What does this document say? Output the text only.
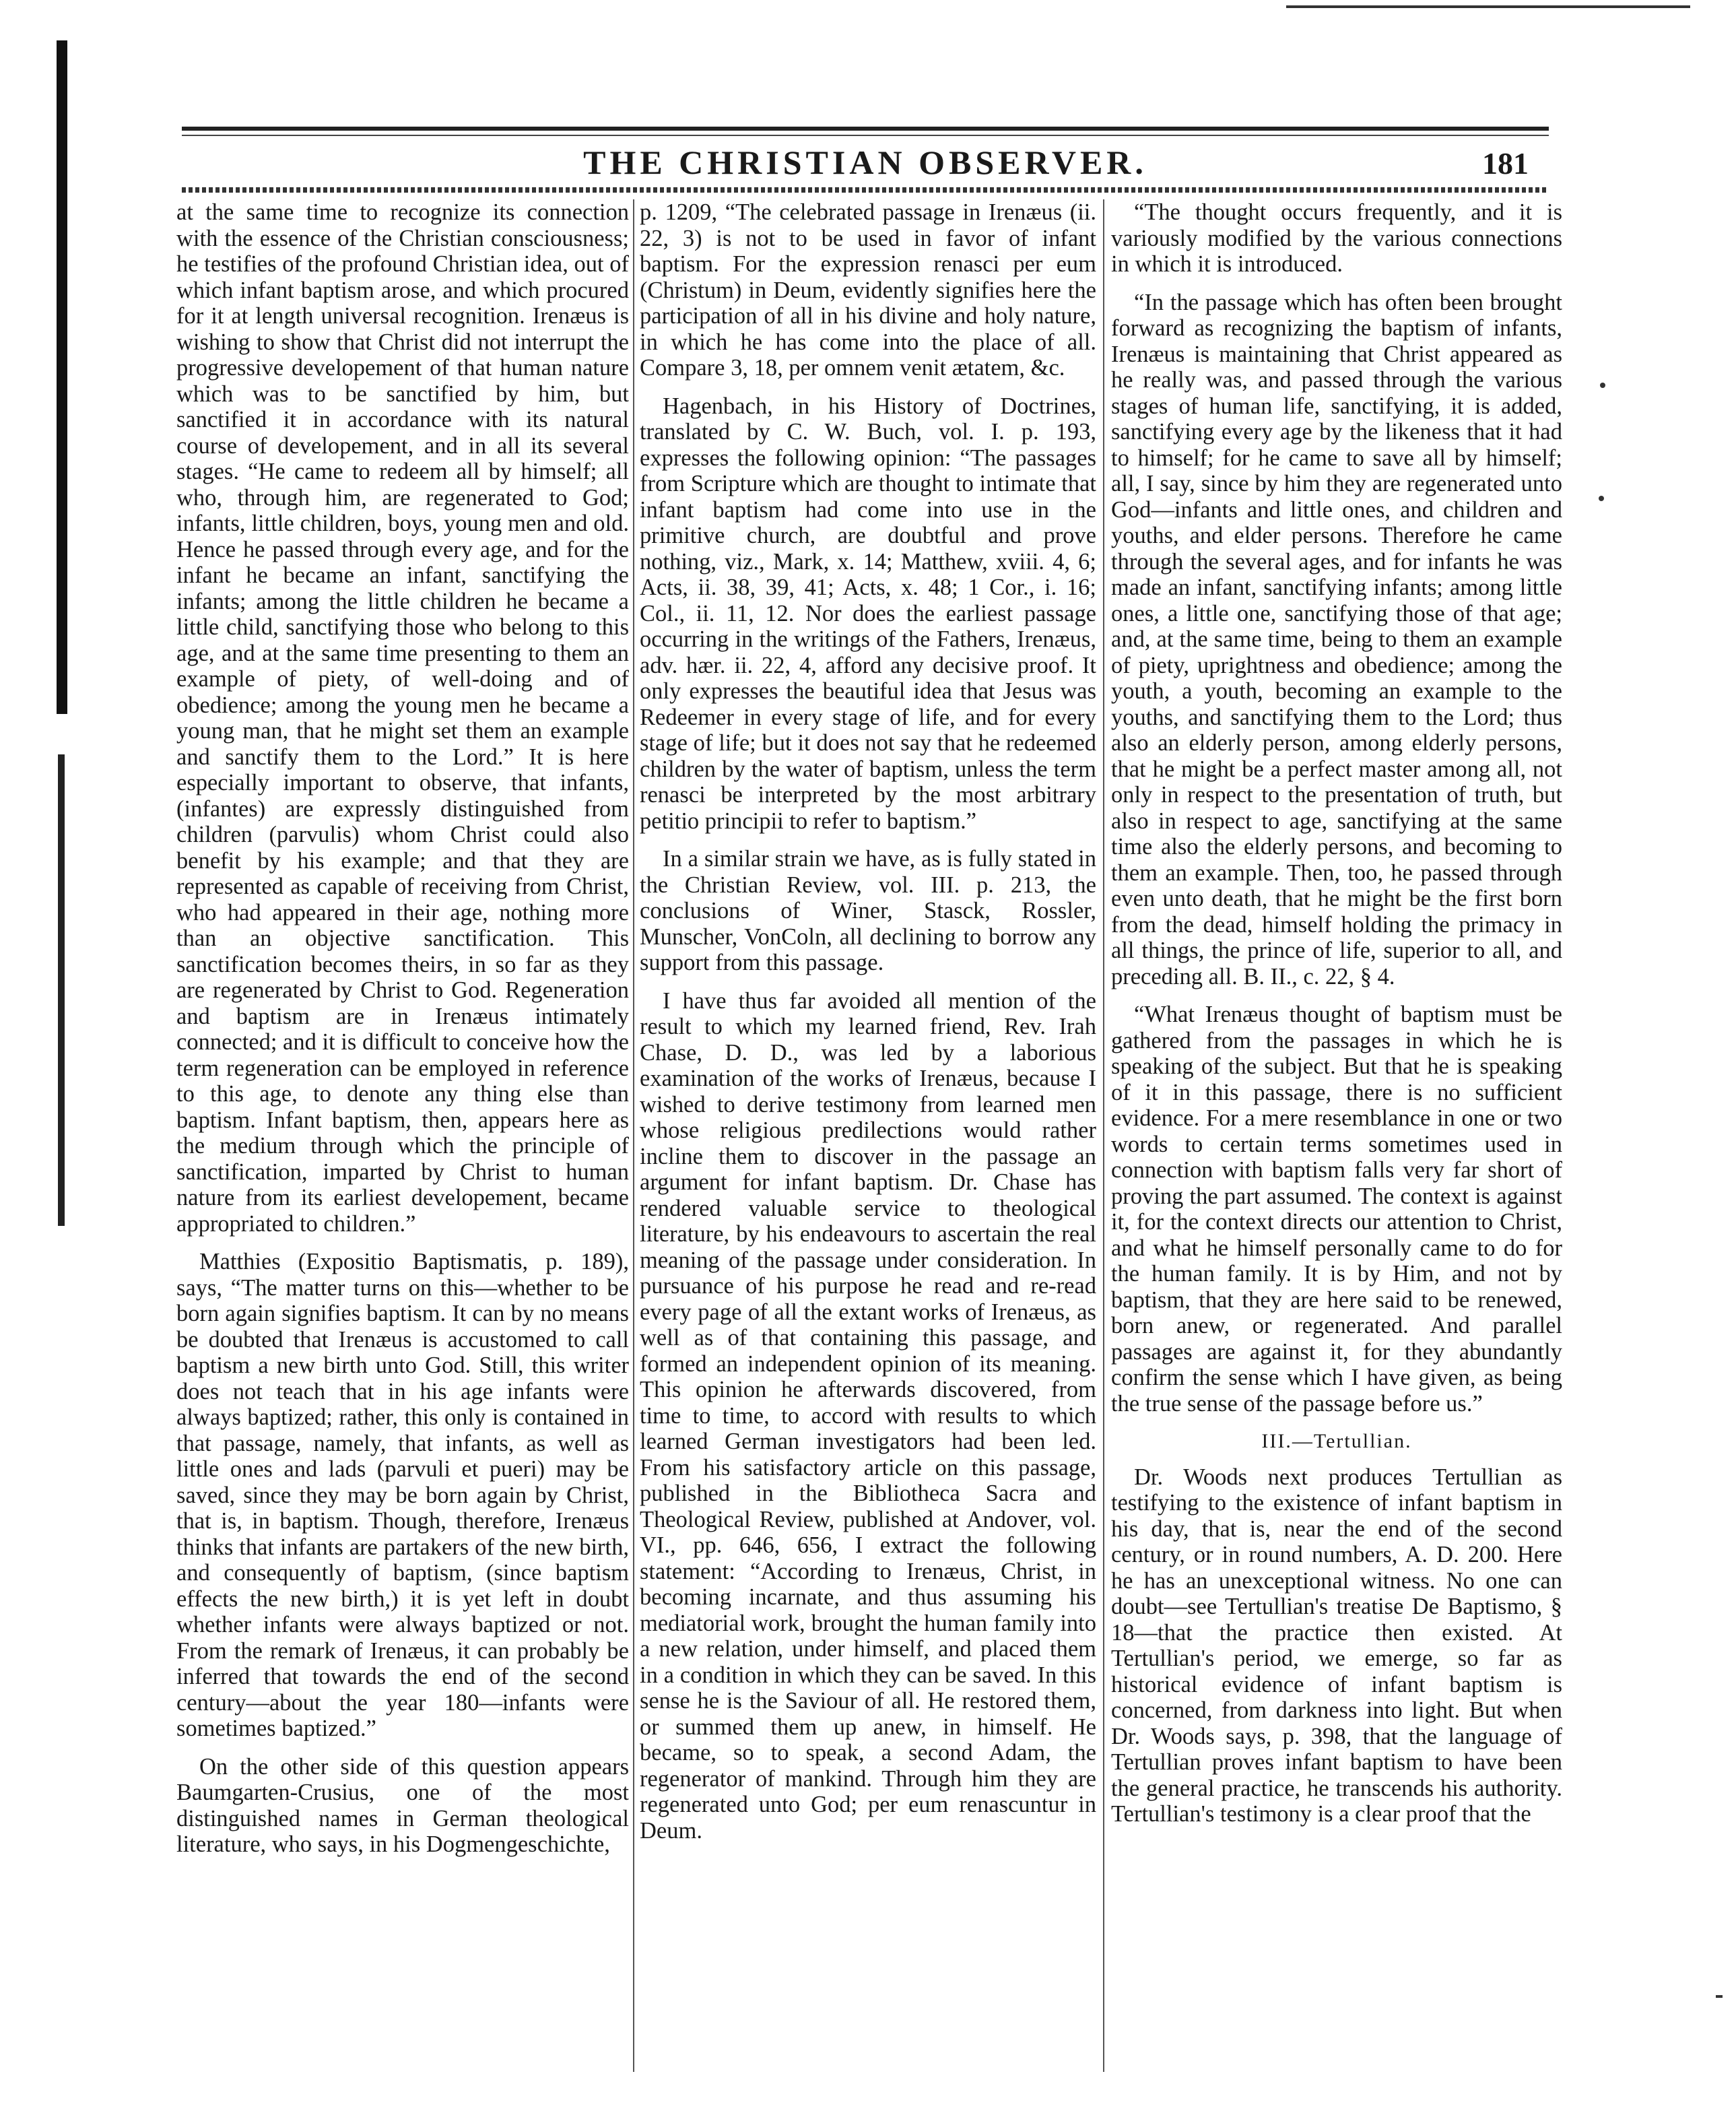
THE CHRISTIAN OBSERVER.	181

at the same time to recognize its connection with the essence of the Christian consciousness; he testifies of the profound Christian idea, out of which infant baptism arose, and which procured for it at length universal recognition. Irenæus is wishing to show that Christ did not interrupt the progressive developement of that human nature which was to be sanctified by him, but sanctified it in accordance with its natural course of developement, and in all its several stages. “He came to redeem all by himself; all who, through him, are regenerated to God; infants, little children, boys, young men and old. Hence he passed through every age, and for the infant he became an infant, sanctifying the infants; among the little children he became a little child, sanctifying those who belong to this age, and at the same time presenting to them an example of piety, of well-doing and of obedience; among the young men he became a young man, that he might set them an example and sanctify them to the Lord.” It is here especially important to observe, that infants, (infantes) are expressly distinguished from children (parvulis) whom Christ could also benefit by his example; and that they are represented as capable of receiving from Christ, who had appeared in their age, nothing more than an objective sanctification. This sanctification becomes theirs, in so far as they are regenerated by Christ to God. Regeneration and baptism are in Irenæus intimately connected; and it is difficult to conceive how the term regeneration can be employed in reference to this age, to denote any thing else than baptism. Infant baptism, then, appears here as the medium through which the principle of sanctification, imparted by Christ to human nature from its earliest developement, became appropriated to children.”

Matthies (Expositio Baptismatis, p. 189), says, “The matter turns on this—whether to be born again signifies baptism. It can by no means be doubted that Irenæus is accustomed to call baptism a new birth unto God. Still, this writer does not teach that in his age infants were always baptized; rather, this only is contained in that passage, namely, that infants, as well as little ones and lads (parvuli et pueri) may be saved, since they may be born again by Christ, that is, in baptism. Though, therefore, Irenæus thinks that infants are partakers of the new birth, and consequently of baptism, (since baptism effects the new birth,) it is yet left in doubt whether infants were always baptized or not. From the remark of Irenæus, it can probably be inferred that towards the end of the second century—about the year 180—infants were sometimes baptized.”

On the other side of this question appears Baumgarten-Crusius, one of the most distinguished names in German theological literature, who says, in his Dogmengeschichte,

p. 1209, “The celebrated passage in Irenæus (ii. 22, 3) is not to be used in favor of infant baptism. For the expression renasci per eum (Christum) in Deum, evidently signifies here the participation of all in his divine and holy nature, in which he has come into the place of all. Compare 3, 18, per omnem venit ætatem, &c.

Hagenbach, in his History of Doctrines, translated by C. W. Buch, vol. I. p. 193, expresses the following opinion: “The passages from Scripture which are thought to intimate that infant baptism had come into use in the primitive church, are doubtful and prove nothing, viz., Mark, x. 14; Matthew, xviii. 4, 6; Acts, ii. 38, 39, 41; Acts, x. 48; 1 Cor., i. 16; Col., ii. 11, 12. Nor does the earliest passage occurring in the writings of the Fathers, Irenæus, adv. hær. ii. 22, 4, afford any decisive proof. It only expresses the beautiful idea that Jesus was Redeemer in every stage of life, and for every stage of life; but it does not say that he redeemed children by the water of baptism, unless the term renasci be interpreted by the most arbitrary petitio principii to refer to baptism.”

In a similar strain we have, as is fully stated in the Christian Review, vol. III. p. 213, the conclusions of Winer, Stasck, Rossler, Munscher, VonColn, all declining to borrow any support from this passage.

I have thus far avoided all mention of the result to which my learned friend, Rev. Irah Chase, D. D., was led by a laborious examination of the works of Irenæus, because I wished to derive testimony from learned men whose religious predilections would rather incline them to discover in the passage an argument for infant baptism. Dr. Chase has rendered valuable service to theological literature, by his endeavours to ascertain the real meaning of the passage under consideration. In pursuance of his purpose he read and re-read every page of all the extant works of Irenæus, as well as of that containing this passage, and formed an independent opinion of its meaning. This opinion he afterwards discovered, from time to time, to accord with results to which learned German investigators had been led. From his satisfactory article on this passage, published in the Bibliotheca Sacra and Theological Review, published at Andover, vol. VI., pp. 646, 656, I extract the following statement: “According to Irenæus, Christ, in becoming incarnate, and thus assuming his mediatorial work, brought the human family into a new relation, under himself, and placed them in a condition in which they can be saved. In this sense he is the Saviour of all. He restored them, or summed them up anew, in himself. He became, so to speak, a second Adam, the regenerator of mankind. Through him they are regenerated unto God; per eum renascuntur in Deum.

“The thought occurs frequently, and it is variously modified by the various connections in which it is introduced.

“In the passage which has often been brought forward as recognizing the baptism of infants, Irenæus is maintaining that Christ appeared as he really was, and passed through the various stages of human life, sanctifying, it is added, sanctifying every age by the likeness that it had to himself; for he came to save all by himself; all, I say, since by him they are regenerated unto God—infants and little ones, and children and youths, and elder persons. Therefore he came through the several ages, and for infants he was made an infant, sanctifying infants; among little ones, a little one, sanctifying those of that age; and, at the same time, being to them an example of piety, uprightness and obedience; among the youth, a youth, becoming an example to the youths, and sanctifying them to the Lord; thus also an elderly person, among elderly persons, that he might be a perfect master among all, not only in respect to the presentation of truth, but also in respect to age, sanctifying at the same time also the elderly persons, and becoming to them an example. Then, too, he passed through even unto death, that he might be the first born from the dead, himself holding the primacy in all things, the prince of life, superior to all, and preceding all. B. II., c. 22, § 4.

“What Irenæus thought of baptism must be gathered from the passages in which he is speaking of the subject. But that he is speaking of it in this passage, there is no sufficient evidence. For a mere resemblance in one or two words to certain terms sometimes used in connection with baptism falls very far short of proving the part assumed. The context is against it, for the context directs our attention to Christ, and what he himself personally came to do for the human family. It is by Him, and not by baptism, that they are here said to be renewed, born anew, or regenerated. And parallel passages are against it, for they abundantly confirm the sense which I have given, as being the true sense of the passage before us.”

III.—Tertullian.

Dr. Woods next produces Tertullian as testifying to the existence of infant baptism in his day, that is, near the end of the second century, or in round numbers, A. D. 200. Here he has an unexceptional witness. No one can doubt—see Tertullian's treatise De Baptismo, § 18—that the practice then existed. At Tertullian's period, we emerge, so far as historical evidence of infant baptism is concerned, from darkness into light. But when Dr. Woods says, p. 398, that the language of Tertullian proves infant baptism to have been the general practice, he transcends his authority. Tertullian's testimony is a clear proof that the
